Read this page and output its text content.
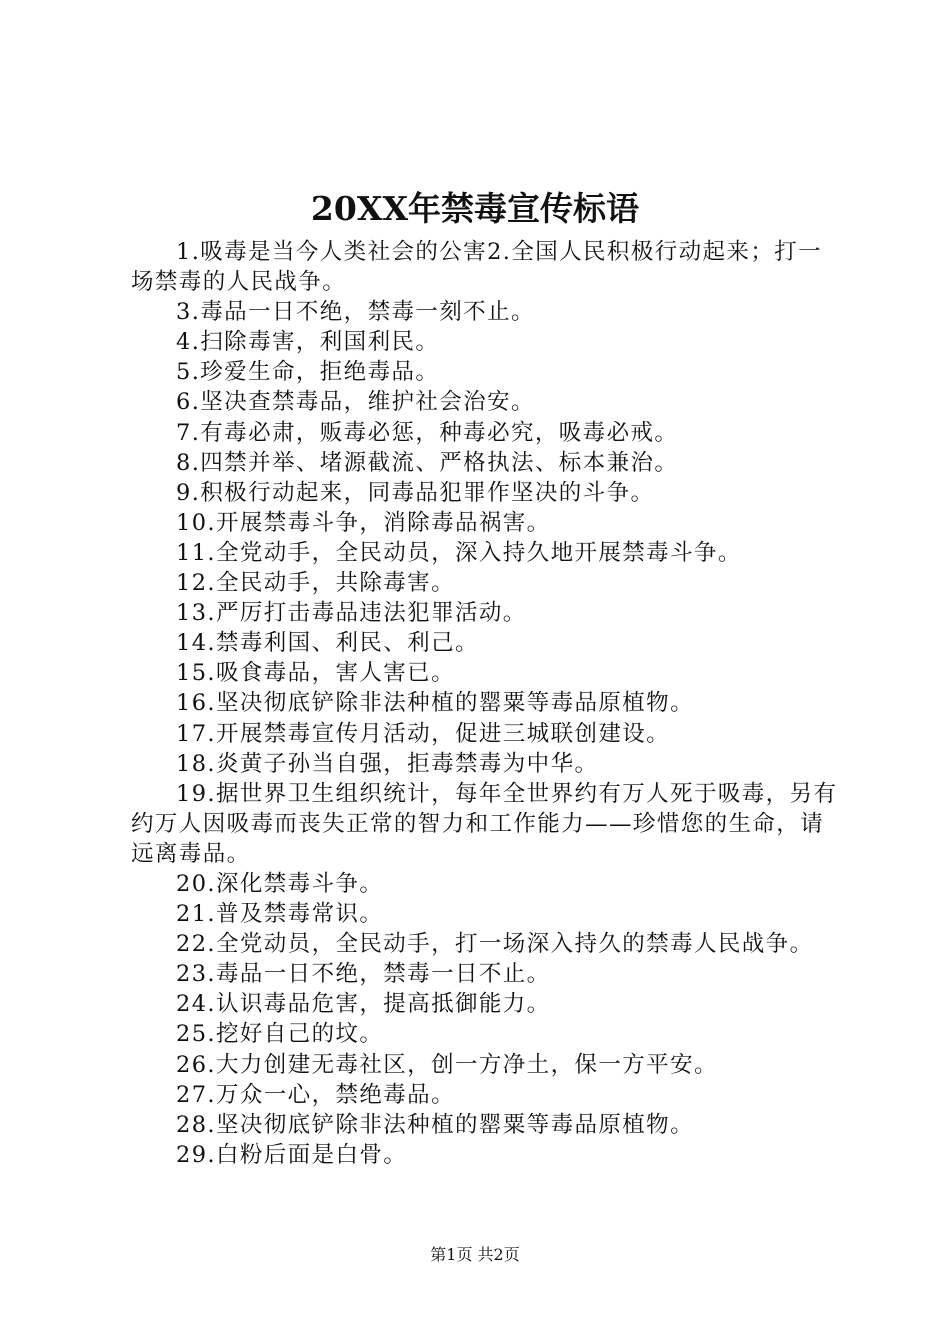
20XX年禁毒宣传标语

1.吸毒是当今人类社会的公害2.全国人民积极行动起来；打一场禁毒的人民战争。

3.毒品一日不绝，禁毒一刻不止。

4.扫除毒害，利国利民。

5.珍爱生命，拒绝毒品。

6.坚决查禁毒品，维护社会治安。

7.有毒必肃，贩毒必惩，种毒必究，吸毒必戒。

8.四禁并举、堵源截流、严格执法、标本兼治。

9.积极行动起来，同毒品犯罪作坚决的斗争。

10.开展禁毒斗争，消除毒品祸害。

11.全党动手，全民动员，深入持久地开展禁毒斗争。

12.全民动手，共除毒害。

13.严厉打击毒品违法犯罪活动。

14.禁毒利国、利民、利己。

15.吸食毒品，害人害已。

16.坚决彻底铲除非法种植的罂粟等毒品原植物。

17.开展禁毒宣传月活动，促进三城联创建设。

18.炎黄子孙当自强，拒毒禁毒为中华。

19.据世界卫生组织统计，每年全世界约有万人死于吸毒，另有约万人因吸毒而丧失正常的智力和工作能力——珍惜您的生命，请远离毒品。

20.深化禁毒斗争。

21.普及禁毒常识。

22.全党动员，全民动手，打一场深入持久的禁毒人民战争。

23.毒品一日不绝，禁毒一日不止。

24.认识毒品危害，提高抵御能力。

25.挖好自己的坟。

26.大力创建无毒社区，创一方净土，保一方平安。

27.万众一心，禁绝毒品。

28.坚决彻底铲除非法种植的罂粟等毒品原植物。

29.白粉后面是白骨。

第1页 共2页
